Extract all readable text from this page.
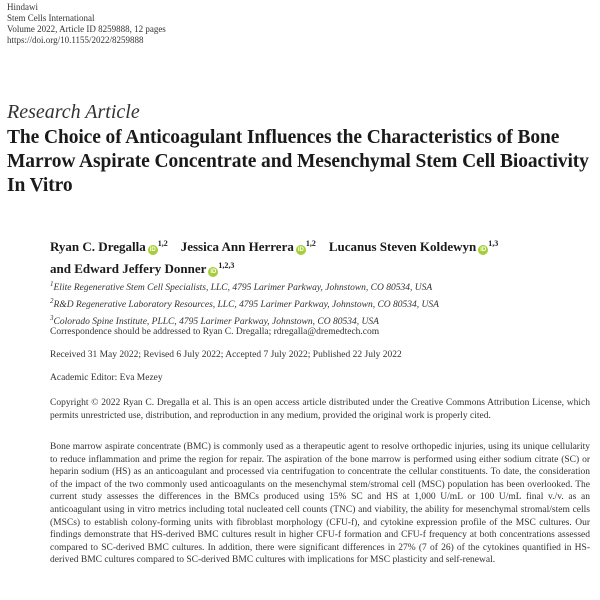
Hindawi
Stem Cells International
Volume 2022, Article ID 8259888, 12 pages
https://doi.org/10.1155/2022/8259888
Research Article
The Choice of Anticoagulant Influences the Characteristics of Bone Marrow Aspirate Concentrate and Mesenchymal Stem Cell Bioactivity In Vitro
Ryan C. Dregalla iD$^{1,2}$ Jessica Ann Herrera iD$^{1,2}$ Lucanus Steven Koldewyn iD$^{1,3}$
and Edward Jeffery Donner iD$^{1,2,3}$
$^1$Elite Regenerative Stem Cell Specialists, LLC, 4795 Larimer Parkway, Johnstown, CO 80534, USA
$^2$R&D Regenerative Laboratory Resources, LLC, 4795 Larimer Parkway, Johnstown, CO 80534, USA
$^3$Colorado Spine Institute, PLLC, 4795 Larimer Parkway, Johnstown, CO 80534, USA
Correspondence should be addressed to Ryan C. Dregalla; rdregalla@dremedtech.com
Received 31 May 2022; Revised 6 July 2022; Accepted 7 July 2022; Published 22 July 2022
Academic Editor: Eva Mezey
Copyright © 2022 Ryan C. Dregalla et al. This is an open access article distributed under the Creative Commons Attribution License, which permits unrestricted use, distribution, and reproduction in any medium, provided the original work is properly cited.
Bone marrow aspirate concentrate (BMC) is commonly used as a therapeutic agent to resolve orthopedic injuries, using its unique cellularity to reduce inflammation and prime the region for repair. The aspiration of the bone marrow is performed using either sodium citrate (SC) or heparin sodium (HS) as an anticoagulant and processed via centrifugation to concentrate the cellular constituents. To date, the consideration of the impact of the two commonly used anticoagulants on the mesenchymal stem/stromal cell (MSC) population has been overlooked. The current study assesses the differences in the BMCs produced using 15% SC and HS at 1,000 U/mL or 100 U/mL final v./v. as an anticoagulant using in vitro metrics including total nucleated cell counts (TNC) and viability, the ability for mesenchymal stromal/stem cells (MSCs) to establish colony-forming units with fibroblast morphology (CFU-f), and cytokine expression profile of the MSC cultures. Our findings demonstrate that HS-derived BMC cultures result in higher CFU-f formation and CFU-f frequency at both concentrations assessed compared to SC-derived BMC cultures. In addition, there were significant differences in 27% (7 of 26) of the cytokines quantified in HS-derived BMC cultures compared to SC-derived BMC cultures with implications for MSC plasticity and self-renewal.
